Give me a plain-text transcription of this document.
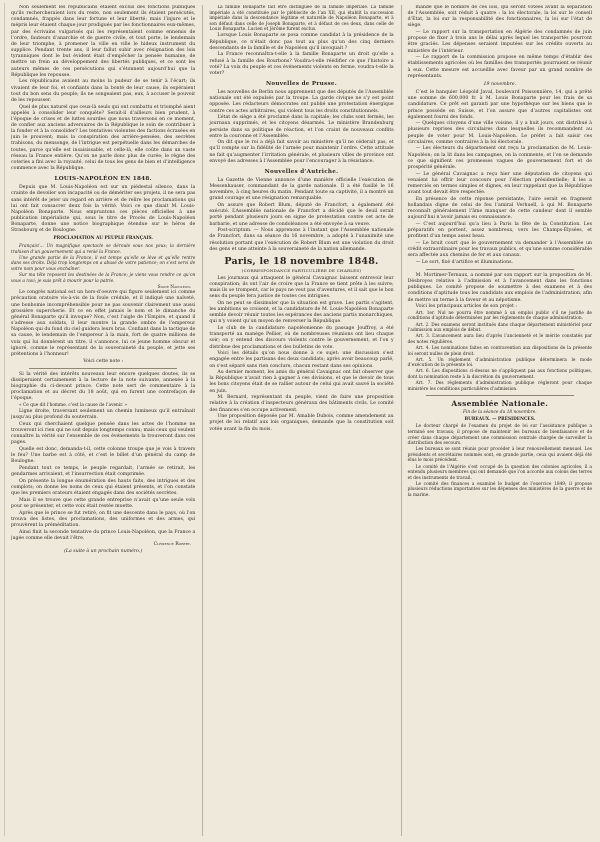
Non seulement les républicains étaient exclus des fonctions publiques qu’ils rechercheraient lors du reste, non seulement ils étaient persécutés, condamnés, frappés dans leur fortune et leur liberté; mais l’injure et le mépris leur étaient chaque jour prodigués par les fonctionnaires eux-mêmes, par des écrivains vulgarisés qui les représentaient comme ennemis de l’ordre, fauteurs d’anarchie et de guerre civile, et tout porte, le lendemain de leur triomphe, à promener la ville en ville le hideux instrument du supplice. Pendant trente ans, il leur fallut subir avec résignation des lois tyranniques dont le but évident était d’empêcher la pensée humaine, de mettre un frein au développement des libertés publiques, et ce sont les auteurs mêmes de ces persécutions qui s’étonnent aujourd’hui que la République les repousse.

Les républicains avaient au moins la pudeur de se tenir à l’écart; ils vivaient de leur foi, et confiants dans la bonté de leur cause, ils espéraient tout du bon sens du peuple; ils ne songeaient pas, eux, à accuser le pouvoir de les repousser.

Quel de plus naturel que ceux-là seuls qui ont combattu et triomphé aient appelés à consolider leur conquête? Serait-il d’ailleurs bien prudent, à l’époque de crises et de luttes sourdes que nous traversons en ce moment, de confier aux anciens adversaires de la République le soin de contribuer à la fonder et à la consolider? Les tentatives violentes des factions écrasées en juin le prouvent; mais la conspiration des arrière-pensées, des secrètes trahisons, du mensonge, de l’intrigue est perpétuelle dans les démarches de toutes, parce qu’elle est insaisissable, et celle-là, elle coûte dans un vaste réseau la France entière. Qu’on ne parle donc plus de curée; le règne des coteries a fini avec la royauté, celui de tous les gens de bien et d’intelligence commence avec la République.

LOUIS-NAPOLÉON EN 1848.

Depuis que M. Louis-Napoléon est sur un piédestal silence, dans la crainte de devoiler son incapacité ou de démériter ses projets, il ne sera pas sans intérêt de jeter un regard en arrière et de relire les proclamations qui lui ont fait consacrer deux fois la vérité. Voici ce que disait M. Louis-Napoléon Bonaparte. Nous empruntons ces pièces officielles à une publication impérialiste qui, sous le titre de Procès de Louis-Napoléon Bonaparte, donne une notice biographique étendue sur le héros de Strasbourg et de Boulogne.

PROCLAMATION AU PEUPLE FRANÇAIS.

Français!... Un magnifique spectacle se déroule sous nos yeux; la dernière trahison d’un gouvernement qui a renié la France.

Une grande partie de la France, il est temps qu’elle se lève et qu’elle rentre dans ses droits. Déjà trop longtemps on a abusé de votre patience; on s’est servi de votre nom pour vous enchaîner.

Sur ma tête reposent les destinées de la France; je viens vous rendre ce qu’on vous a ravi; je suis prêt à mourir pour la patrie.

Signé Napoléon.

Le congrès national est un hors-d’oeuvre qui figure seulement ici comme précaution oratoire vis-à-vis de la foule crédule, et il indiqué une naïveté, une bonhomie incompréhensible pour ne pas souvenir clairement une aussi grossière supercherie. Et ce en effet jamais le nom et le dimanche du général Bonaparte qu’il invoque? Non, c’est l’aigle de l’Empire, et quand il s’adresse aux soldats, il leur montre la grande ombre de l’empereur Napoléon qui du fond du ciel guidera leurs bras. Confiant dans la tactique de sa cause, le lendemain de l’empereur à la main, fort de quatre millions de voix qui lui donnèrent un titre, il s’annonce, lui ce jeune homme obscur et ignoré, comme le représentant de la souveraineté du peuple, et jette ses prétentions à l’honneur!

Voici cette note :

Si la vérité des intérêts nouveaux leur encore quelques doutes, ils se dissiperaient certainement à la lecture de la note suivante, annexée à la biographie du ci-devant prince. Cette note sert de commentaire à la proclamation et au décret du 18 août, qui en furent une contrefaçon de l’époque.

« Ce que dit l’homme, c’est la cause de l’avenir. »

Ligne droite, traversant seulement un chemin lumineux qu’il entraînait jusqu’au plus profond du souterrain.

Ceux qui cherchaient quelque pensée dans les actes de l’homme ne trouveront ici rien qui ne soit depuis longtemps connu; mais ceux qui veulent connaître la vérité sur l’ensemble de ces événements la trouveront dans ces pages.

Quelle est donc, demanda-t-il, cette colonne troupe que je vois à travers le feu? Une barbe est à côté, et c’est le billet d’un général du camp de Boulogne.

Pendant tout ce temps, le peuple regardait, l’armée se retirait, les gendarmes arrivaient, et l’insurrection était comprimée.

On présente la longue énumération des hauts faits, des intrigues et des complots; on donne les noms de ceux qui étaient présents, et l’on constate que les premiers orateurs étaient engagés dans des sociétés secrètes.

Mais il se trouve que cette grande entreprise n’avait qu’une seule voix pour se présenter, et cette voix était restée muette.

Après que le prince se fut retiré, on fit une descente dans le pays, où l’on trouva des listes, des proclamations, des uniformes et des armes, qui prouvèrent la préméditation.

Ainsi finit la seconde tentative du prince Louis-Napoléon, que la France a jugée comme elle devait l’être.

Clémence Robert.
(La suite à un prochain numéro.)

La famille Bonaparte fait être distinguée de la famille impériale. La famille impériale a été constituée par le plébiscite de l’an XII, qui établit la succession impériale dans la descendance légitime et naturelle de Napoléon Bonaparte, et à son défaut dans celle de Joseph Bonaparte, et à défaut de ces deux, dans celle de Louis Bonaparte. Lucien et Jérôme furent exclus.

Lorsque Louis Bonaparte se posa comme candidat à la présidence de la République, ce n’était donc pas tout au plus qu’un des cinq derniers descendants de la famille et de Napoléon qu’il invoquait ?

La France reconnaîtra-t-elle à la famille Bonaparte un droit qu’elle a refusé à la famille des Bourbons? Voudra-t-elle réédifier ce que l’histoire a voté? La voix du peuple et ces événements violents en ferme, voudra-t-elle la voter?

Nouvelles de Prusse.

Les nouvelles de Berlin nous apprennent que des députés de l’Assemblée nationale ont été expulsés par la troupe. La garde civique ne s’y est point opposée. Les rédacteurs démocrates ont publié une protestation énergique contre ces actes arbitraires, qui violent tous les droits constitutionnels.

L’état de siège a été proclamé dans la capitale; les clubs sont fermés, les journaux supprimés, et les citoyens désarmés. Le ministère Brandenburg persiste dans sa politique de réaction, et l’on craint de nouveaux conflits entre la couronne et l’Assemblée.

On dit que le roi a déjà fait savoir au ministère qu’il ne céderait pas, et qu’il compte sur la fidélité de l’armée pour maintenir l’ordre. Cette attitude ne fait qu’augmenter l’irritation générale, et plusieurs villes de province ont envoyé des adresses à l’Assemblée pour l’encourager à la résistance.

Nouvelles d’Autriche.

La Gazette de Vienne annonce d’une manière officielle l’exécution de Messenhauser, commandant de la garde nationale. Il a été fusillé le 16 novembre, à cinq heures du matin. Pendant toute sa captivité, il a montré un grand courage et une résignation remarquable.

On assure que Robert Blum, député de Francfort, a également été exécuté. L’Assemblée nationale de Francfort a décidé que le deuil serait porté pendant plusieurs jours en signe de protestation contre cet acte de barbarie, et une adresse de condoléances a été envoyée à sa veuve.

Post-scriptum. — Nous apprenons à l’instant que l’Assemblée nationale de Francfort, dans sa séance du 16 novembre, a adopté à l’unanimité une résolution portant que l’exécution de Robert Blum est une violation du droit des gens et une atteinte à la souveraineté de la nation allemande.

Paris, le 18 novembre 1848.
(CORRESPONDANCE PARTICULIÈRE DE CHARLES)

Les journaux qui attaquent le général Cavaignac laissent entrevoir leur conspiration; ils ont l’air de croire que la France se tient prête à les suivre; mais ils se trompent, car le pays ne veut pas d’aventures, et il sait que le bon sens du peuple fera justice de toutes ces intrigues.

On ne peut se dissimuler que la situation est grave. Les partis s’agitent, les ambitions se croisent, et la candidature de M. Louis-Napoléon Bonaparte semble devoir réunir toutes les espérances des anciens partis monarchiques, qui n’y voient qu’un moyen de renverser la République.

Le club de la candidature napoléonienne du passage Jouffroy, a été transporté au manège Pellier, où de nombreuses réunions ont lieu chaque soir; on y entend des discours violents contre le gouvernement, et l’on y distribue des proclamations et des bulletins de vote.

Voici les détails qu’on nous donne à ce sujet: une discussion s’est engagée entre les partisans des deux candidats; après avoir beaucoup parlé, on s’est séparé sans rien conclure, chacun restant dans ses opinions.

Au dernier moment, les amis du général Cavaignac ont fait observer que la République n’avait rien à gagner à ces divisions, et que le devoir de tous les bons citoyens était de se rallier autour de celui qui avait sauvé la société en juin.

M. Bernard, représentant du peuple, vient de faire une proposition relative à la création d’inspecteurs généraux des bâtiments civils. Le comité des finances s’en occupe activement.

Une proposition déposée par M. Amable Dubois, comme amendement au projet de loi relatif aux lois organiques, demande que la constitution soit votée avant la fin du mois.

mande que le nombre de ces lois, qui seront votées avant la séparation de l’Assemblée, soit réduit à quatre : la loi électorale, la loi sur le conseil d’État, la loi sur la responsabilité des fonctionnaires, la loi sur l’état de siège.

— Le rapport sur la transportation en Algérie des condamnés de juin propose de fixer à trois ans le délai après lequel les transportés pourront être graciés. Les dépenses seraient imputées sur les crédits ouverts au ministère de l’intérieur.

— Le rapport de la commission propose en même temps d’établir des établissements agricoles où les familles des transportés pourraient se réunir à eux. Cette mesure est accueillie avec faveur par un grand nombre de représentants.

19 novembre.

C’est le banquier Léopold Javal, boulevard Poissonnière, 14, qui a prêté une somme de 600,000 fr. à M. Louis Bonaparte pour les frais de sa candidature. Ce prêt est garanti par une hypothèque sur les biens que le prince possède en Suisse, et l’on assure que d’autres capitalistes ont également fourni des fonds.

— Quelques citoyens d’une ville voisine, il y a huit jours, ont distribué à plusieurs reprises des circulaires dans lesquelles ils recommandent au peuple de voter pour M. Louis-Napoléon. Le préfet a fait saisir ces circulaires, comme contraires à la loi électorale.

— Les électeurs du département ont reçu la proclamation de M. Louis-Napoléon; on la lit dans les campagnes, on la commente, et l’on se demande ce que signifient ces promesses vagues de gouvernement fort et de prospérité générale.

— Le général Cavaignac a reçu hier une députation de citoyens qui venaient lui offrir leur concours pour l’élection présidentielle; il les a remerciés en termes simples et dignes, en leur rappelant que la République avant tout devait être respectée.

En présence de cette réponse persistante, l’aire serait en fragment hollandais digne de celui de feu l’amiral Verhuell, à qui M. Bonaparte reconnaît généralement l’âme manquer de cette candeur dont il semble aujourd’hui n’avoir jamais eu connaissance.

— C’est aujourd’hui qu’a lieu à Paris la fête de la Constitution. Les préparatifs en portent, assez nombreux, vers les Champs-Élysées, et profitent d’un temps assez beau.

— Le bruit court que le gouvernement va demander à l’Assemblée un crédit extraordinaire pour les travaux publics, et qu’une somme considérable sera affectée aux chemins de fer et aux canaux.

— Le sort, fixé d’artifice et illuminations.

M. Mortimer-Ternaux, a nommé par son rapport sur la proposition de M. Désbroyes relative à l’admission et à l’avancement dans les fonctions publiques. Le comité propose de soumettre à des examens et à des conditions d’aptitude tous les candidats aux emplois de l’administration, afin de mettre un terme à la faveur et au népotisme.

Voici les principaux articles de son projet :

Art. 1er. Nul ne pourra être nommé à un emploi public s’il ne justifie de conditions d’aptitude déterminées par les règlements de chaque administration.

Art. 2. Des examens seront institués dans chaque département ministériel pour l’admission aux emplois de début.

Art. 3. L’avancement aura lieu d’après l’ancienneté et le mérite constatés par des notes régulières.

Art. 4. Les nominations faites en contravention aux dispositions de la présente loi seront nulles de plein droit.

Art. 5. Un règlement d’administration publique déterminera le mode d’exécution de la présente loi.

Art. 6. Les dispositions ci-dessus ne s’appliquent pas aux fonctions politiques, dont la nomination reste à la discrétion du gouvernement.

Art. 7. Des règlements d’administration publique régleront pour chaque ministère les conditions particulières d’admission.

Assemblée Nationale.
Fin de la séance du 18 novembre.
BUREAUX. — PRÉSIDENCES.

Le docteur chargé de l’examen du projet de loi sur l’assistance publique a terminé ses travaux; il propose de maintenir les bureaux de bienfaisance et de créer dans chaque département une commission centrale chargée de surveiller la distribution des secours.

Les bureaux se sont réunis pour procéder à leur renouvellement mensuel. Les présidents et secrétaires nommés sont, en grande partie, ceux qui avaient déjà été élus le mois précédent.

Le comité de l’Algérie s’est occupé de la question des colonies agricoles; il a entendu plusieurs membres qui ont demandé que l’on accorde aux colons des terres et des instruments de travail.

Le comité des finances a examiné le budget de l’exercice 1849; il propose plusieurs réductions importantes sur les dépenses des ministères de la guerre et de la marine.
